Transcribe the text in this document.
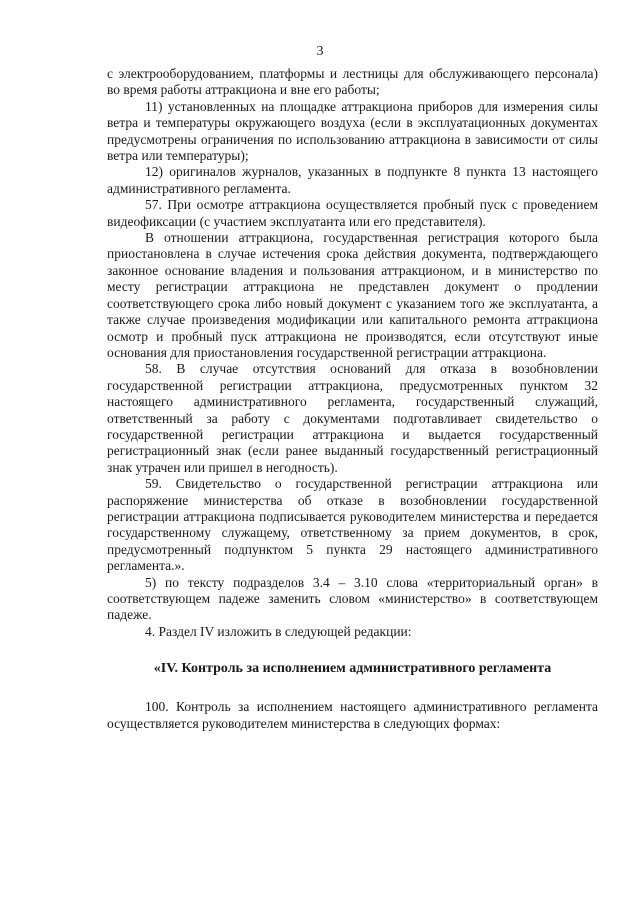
3

с электрооборудованием, платформы и лестницы для обслуживающего персонала) во время работы аттракциона и вне его работы;

11) установленных на площадке аттракциона приборов для измерения силы ветра и температуры окружающего воздуха (если в эксплуатационных документах предусмотрены ограничения по использованию аттракциона в зависимости от силы ветра или температуры);

12) оригиналов журналов, указанных в подпункте 8 пункта 13 настоящего административного регламента.

57. При осмотре аттракциона осуществляется пробный пуск с проведением видеофиксации (с участием эксплуатанта или его представителя).

В отношении аттракциона, государственная регистрация которого была приостановлена в случае истечения срока действия документа, подтверждающего законное основание владения и пользования аттракционом, и в министерство по месту регистрации аттракциона не представлен документ о продлении соответствующего срока либо новый документ с указанием того же эксплуатанта, а также случае произведения модификации или капитального ремонта аттракциона осмотр и пробный пуск аттракциона не производятся, если отсутствуют иные основания для приостановления государственной регистрации аттракциона.

58. В случае отсутствия оснований для отказа в возобновлении государственной регистрации аттракциона, предусмотренных пунктом 32 настоящего административного регламента, государственный служащий, ответственный за работу с документами подготавливает свидетельство о государственной регистрации аттракциона и выдается государственный регистрационный знак (если ранее выданный государственный регистрационный знак утрачен или пришел в негодность).

59. Свидетельство о государственной регистрации аттракциона или распоряжение министерства об отказе в возобновлении государственной регистрации аттракциона подписывается руководителем министерства и передается государственному служащему, ответственному за прием документов, в срок, предусмотренный подпунктом 5 пункта 29 настоящего административного регламента.».

5) по тексту подразделов 3.4 – 3.10 слова «территориальный орган» в соответствующем падеже заменить словом «министерство» в соответствующем падеже.

4. Раздел IV изложить в следующей редакции:

«IV. Контроль за исполнением административного регламента

100. Контроль за исполнением настоящего административного регламента осуществляется руководителем министерства в следующих формах:
